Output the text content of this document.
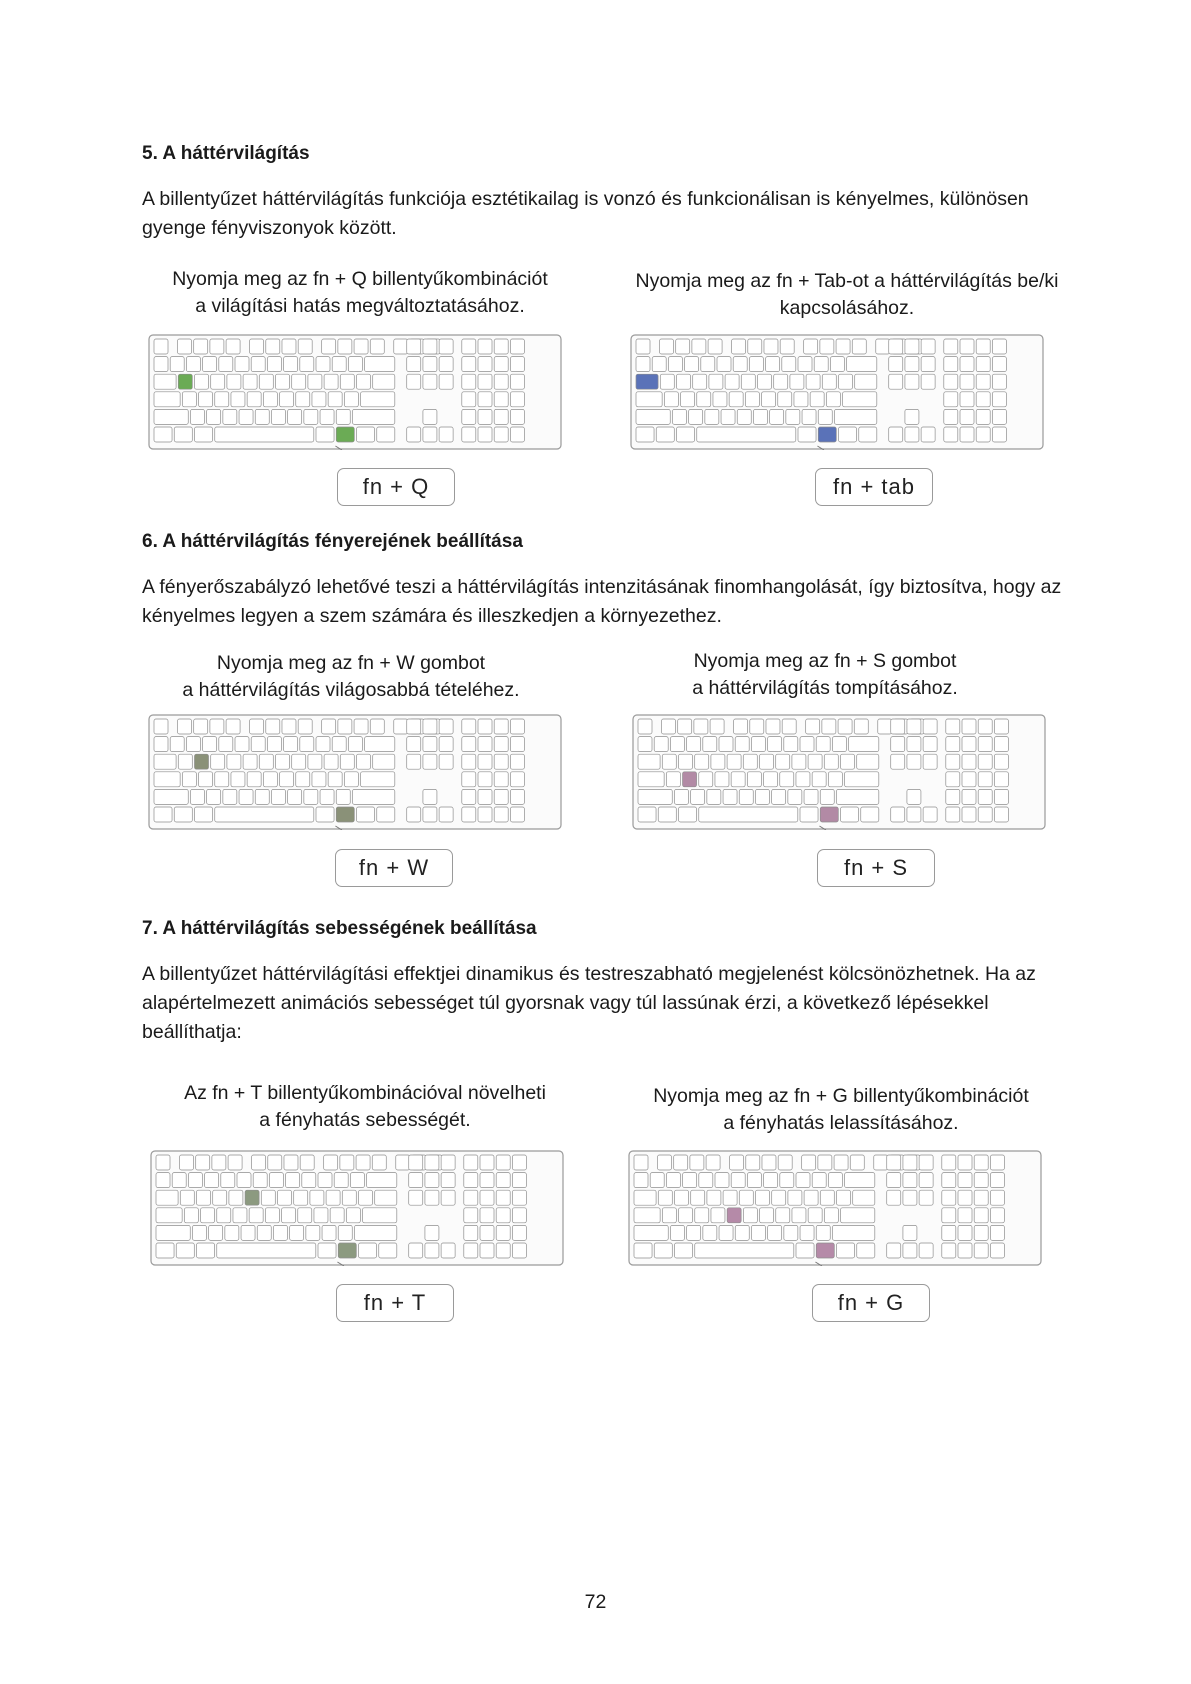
5. A háttérvilágítás

A billentyűzet háttérvilágítás funkciója esztétikailag is vonzó és funkcionálisan is kényelmes, különösen gyenge fényviszonyok között.

Nyomja meg az fn + Q billentyűkombinációt
a világítási hatás megváltoztatásához.
Nyomja meg az fn + Tab-ot a háttérvilágítás be/ki
kapcsolásához.
fn + Q	fn + tab
6. A háttérvilágítás fényerejének beállítása

A fényerőszabályzó lehetővé teszi a háttérvilágítás intenzitásának finomhangolását, így biztosítva, hogy az kényelmes legyen a szem számára és illeszkedjen a környezethez.

Nyomja meg az fn + W gombot
a háttérvilágítás világosabbá tételéhez.
Nyomja meg az fn + S gombot
a háttérvilágítás tompításához.
fn + W	fn + S
7. A háttérvilágítás sebességének beállítása

A billentyűzet háttérvilágítási effektjei dinamikus és testreszabható megjelenést kölcsönözhetnek. Ha az alapértelmezett animációs sebességet túl gyorsnak vagy túl lassúnak érzi, a következő lépésekkel beállíthatja:

Az fn + T billentyűkombinációval növelheti
a fényhatás sebességét.
Nyomja meg az fn + G billentyűkombinációt
a fényhatás lelassításához.
fn + T	fn + G
72
